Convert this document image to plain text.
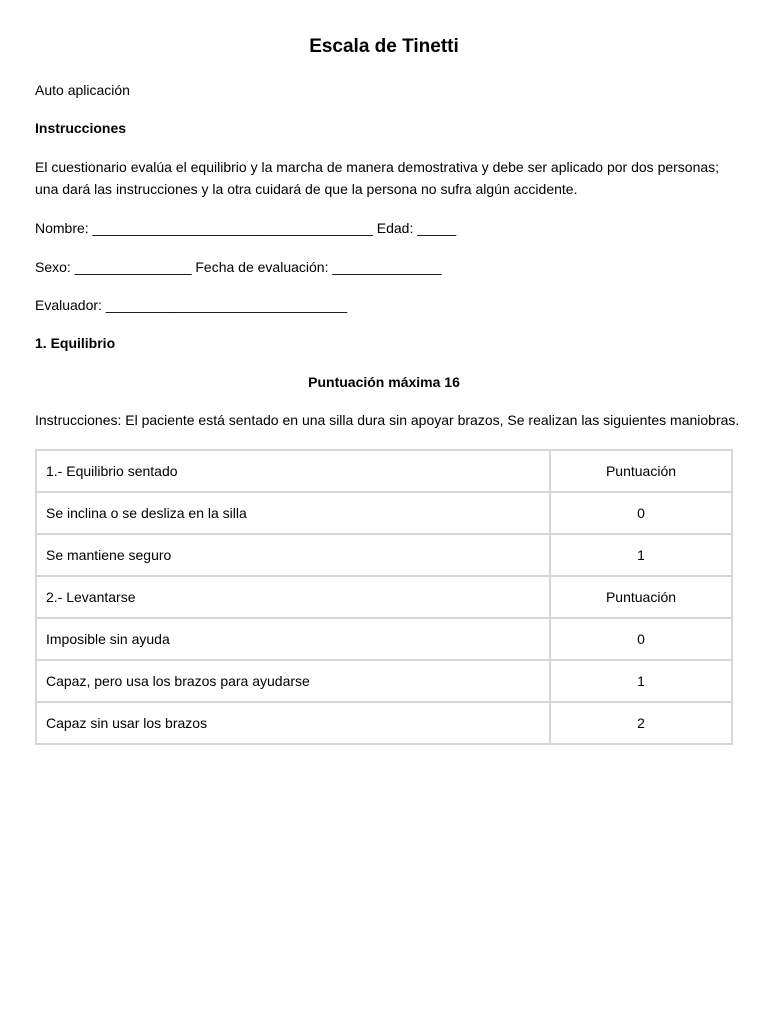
Escala de Tinetti
Auto aplicación
Instrucciones
El cuestionario evalúa el equilibrio y la marcha de manera demostrativa y debe ser aplicado por dos personas;
una dará las instrucciones y la otra cuidará de que la persona no sufra algún accidente.
Nombre: ____________________________________ Edad: _____
Sexo: _______________ Fecha de evaluación: ______________
Evaluador: _______________________________
1. Equilibrio
Puntuación máxima 16
Instrucciones: El paciente está sentado en una silla dura sin apoyar brazos, Se realizan las siguientes maniobras.
1.- Equilibrio sentado	Puntuación
Se inclina o se desliza en la silla	0
Se mantiene seguro	1
2.- Levantarse	Puntuación
Imposible sin ayuda	0
Capaz, pero usa los brazos para ayudarse	1
Capaz sin usar los brazos	2
